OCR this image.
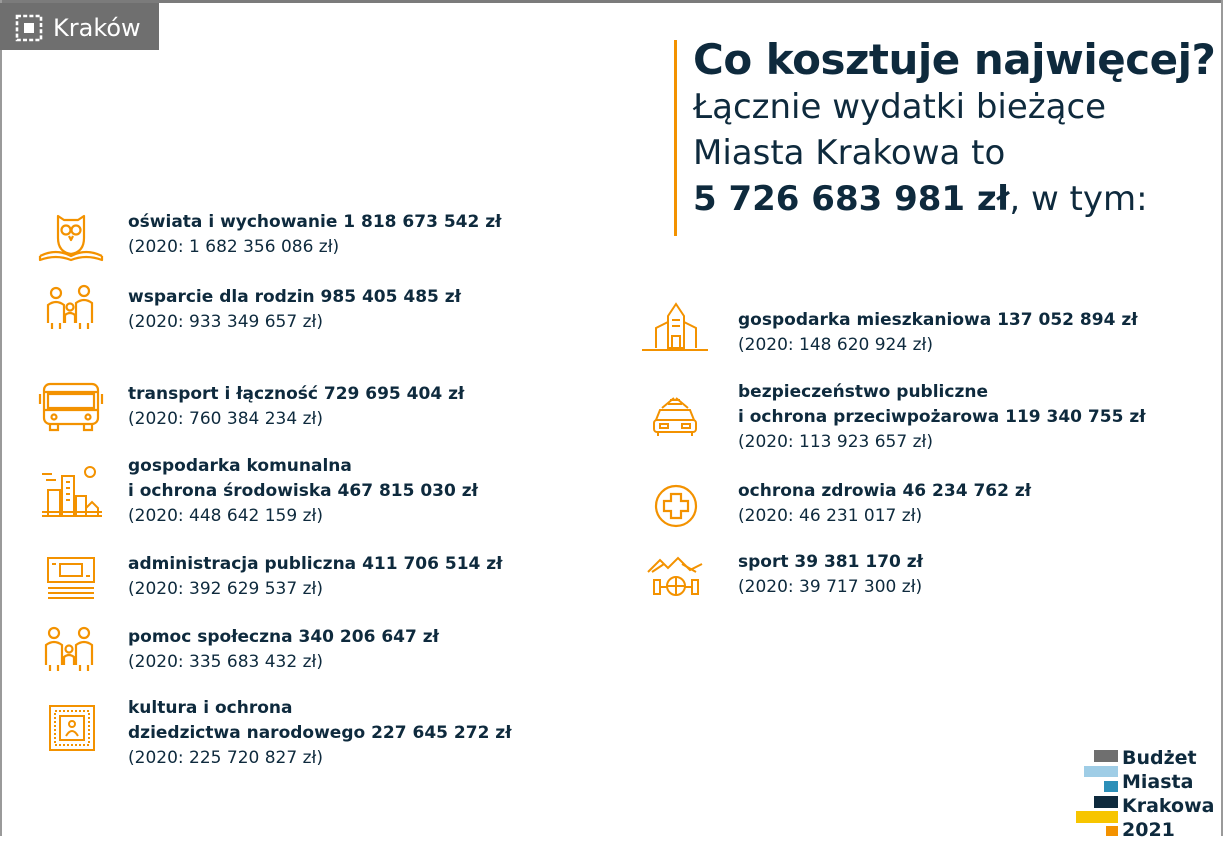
Kraków
Co kosztuje najwięcej?
Łącznie wydatki bieżące
Miasta Krakowa to
5 726 683 981 zł, w tym:
oświata i wychowanie 1 818 673 542 zł
(2020: 1 682 356 086 zł)
wsparcie dla rodzin 985 405 485 zł
(2020: 933 349 657 zł)
transport i łączność 729 695 404 zł
(2020: 760 384 234 zł)
gospodarka komunalna
i ochrona środowiska 467 815 030 zł
(2020: 448 642 159 zł)
administracja publiczna 411 706 514 zł
(2020: 392 629 537 zł)
pomoc społeczna 340 206 647 zł
(2020: 335 683 432 zł)
kultura i ochrona
dziedzictwa narodowego 227 645 272 zł
(2020: 225 720 827 zł)
gospodarka mieszkaniowa 137 052 894 zł
(2020: 148 620 924 zł)
bezpieczeństwo publiczne
i ochrona przeciwpożarowa 119 340 755 zł
(2020: 113 923 657 zł)
ochrona zdrowia 46 234 762 zł
(2020: 46 231 017 zł)
sport 39 381 170 zł
(2020: 39 717 300 zł)
Budżet
Miasta
Krakowa
2021
